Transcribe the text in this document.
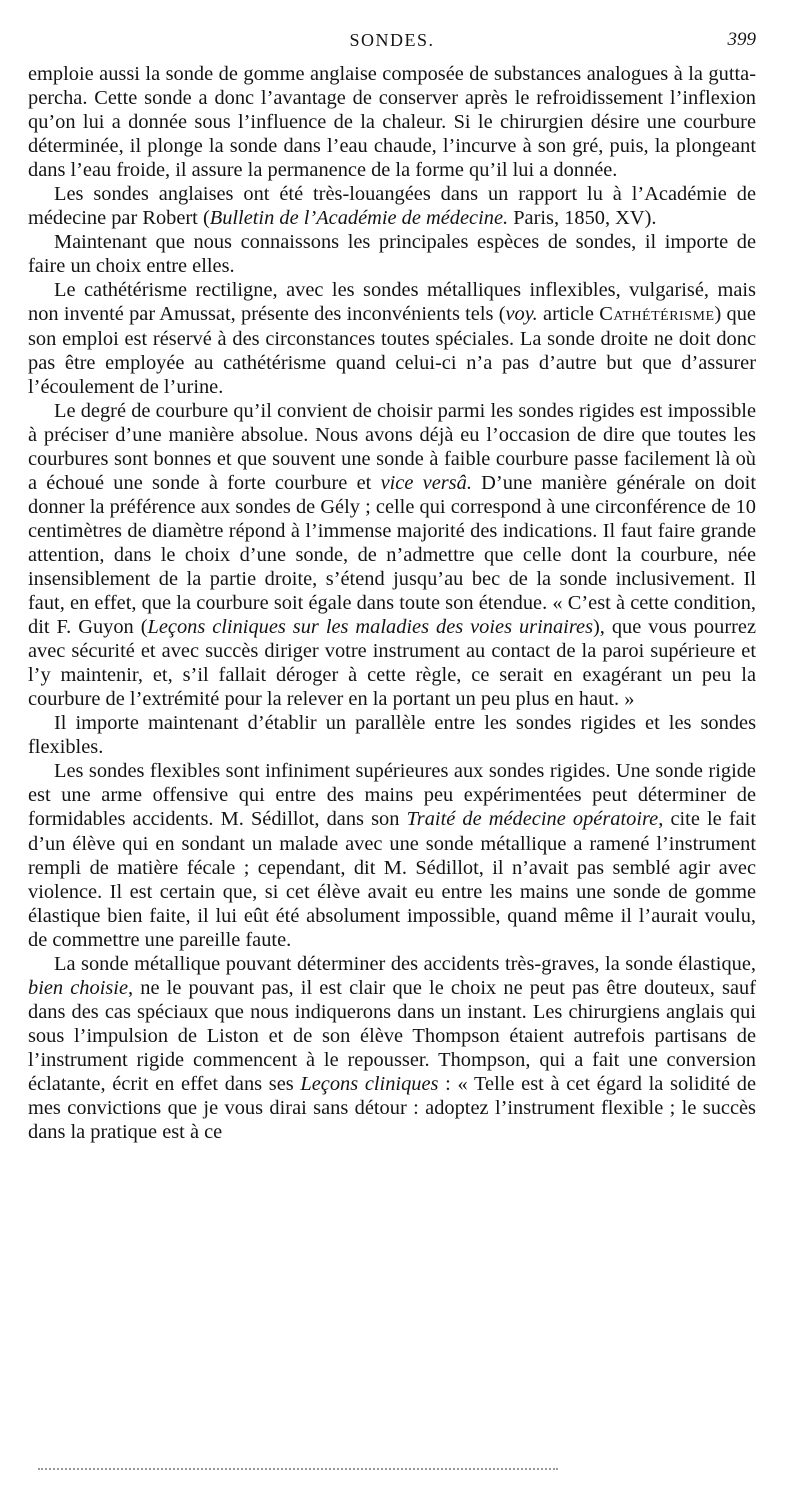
SONDES.	399

emploie aussi la sonde de gomme anglaise composée de substances analogues à la gutta-percha. Cette sonde a donc l’avantage de conserver après le refroidissement l’inflexion qu’on lui a donnée sous l’influence de la chaleur. Si le chirurgien désire une courbure déterminée, il plonge la sonde dans l’eau chaude, l’incurve à son gré, puis, la plongeant dans l’eau froide, il assure la permanence de la forme qu’il lui a donnée.

Les sondes anglaises ont été très-louangées dans un rapport lu à l’Académie de médecine par Robert (Bulletin de l’Académie de médecine. Paris, 1850, XV).

Maintenant que nous connaissons les principales espèces de sondes, il importe de faire un choix entre elles.

Le cathétérisme rectiligne, avec les sondes métalliques inflexibles, vulgarisé, mais non inventé par Amussat, présente des inconvénients tels (voy. article Cathétérisme) que son emploi est réservé à des circonstances toutes spéciales. La sonde droite ne doit donc pas être employée au cathétérisme quand celui-ci n’a pas d’autre but que d’assurer l’écoulement de l’urine.

Le degré de courbure qu’il convient de choisir parmi les sondes rigides est impossible à préciser d’une manière absolue. Nous avons déjà eu l’occasion de dire que toutes les courbures sont bonnes et que souvent une sonde à faible courbure passe facilement là où a échoué une sonde à forte courbure et vice versâ. D’une manière générale on doit donner la préférence aux sondes de Gély ; celle qui correspond à une circonférence de 10 centimètres de diamètre répond à l’immense majorité des indications. Il faut faire grande attention, dans le choix d’une sonde, de n’admettre que celle dont la courbure, née insensiblement de la partie droite, s’étend jusqu’au bec de la sonde inclusivement. Il faut, en effet, que la courbure soit égale dans toute son étendue. « C’est à cette condition, dit F. Guyon (Leçons cliniques sur les maladies des voies urinaires), que vous pourrez avec sécurité et avec succès diriger votre instrument au contact de la paroi supérieure et l’y maintenir, et, s’il fallait déroger à cette règle, ce serait en exagérant un peu la courbure de l’extrémité pour la relever en la portant un peu plus en haut. »

Il importe maintenant d’établir un parallèle entre les sondes rigides et les sondes flexibles.

Les sondes flexibles sont infiniment supérieures aux sondes rigides. Une sonde rigide est une arme offensive qui entre des mains peu expérimentées peut déterminer de formidables accidents. M. Sédillot, dans son Traité de médecine opératoire, cite le fait d’un élève qui en sondant un malade avec une sonde métallique a ramené l’instrument rempli de matière fécale ; cependant, dit M. Sédillot, il n’avait pas semblé agir avec violence. Il est certain que, si cet élève avait eu entre les mains une sonde de gomme élastique bien faite, il lui eût été absolument impossible, quand même il l’aurait voulu, de commettre une pareille faute.

La sonde métallique pouvant déterminer des accidents très-graves, la sonde élastique, bien choisie, ne le pouvant pas, il est clair que le choix ne peut pas être douteux, sauf dans des cas spéciaux que nous indiquerons dans un instant. Les chirurgiens anglais qui sous l’impulsion de Liston et de son élève Thompson étaient autrefois partisans de l’instrument rigide commencent à le repousser. Thompson, qui a fait une conversion éclatante, écrit en effet dans ses Leçons cliniques : « Telle est à cet égard la solidité de mes convictions que je vous dirai sans détour : adoptez l’instrument flexible ; le succès dans la pratique est à ce
